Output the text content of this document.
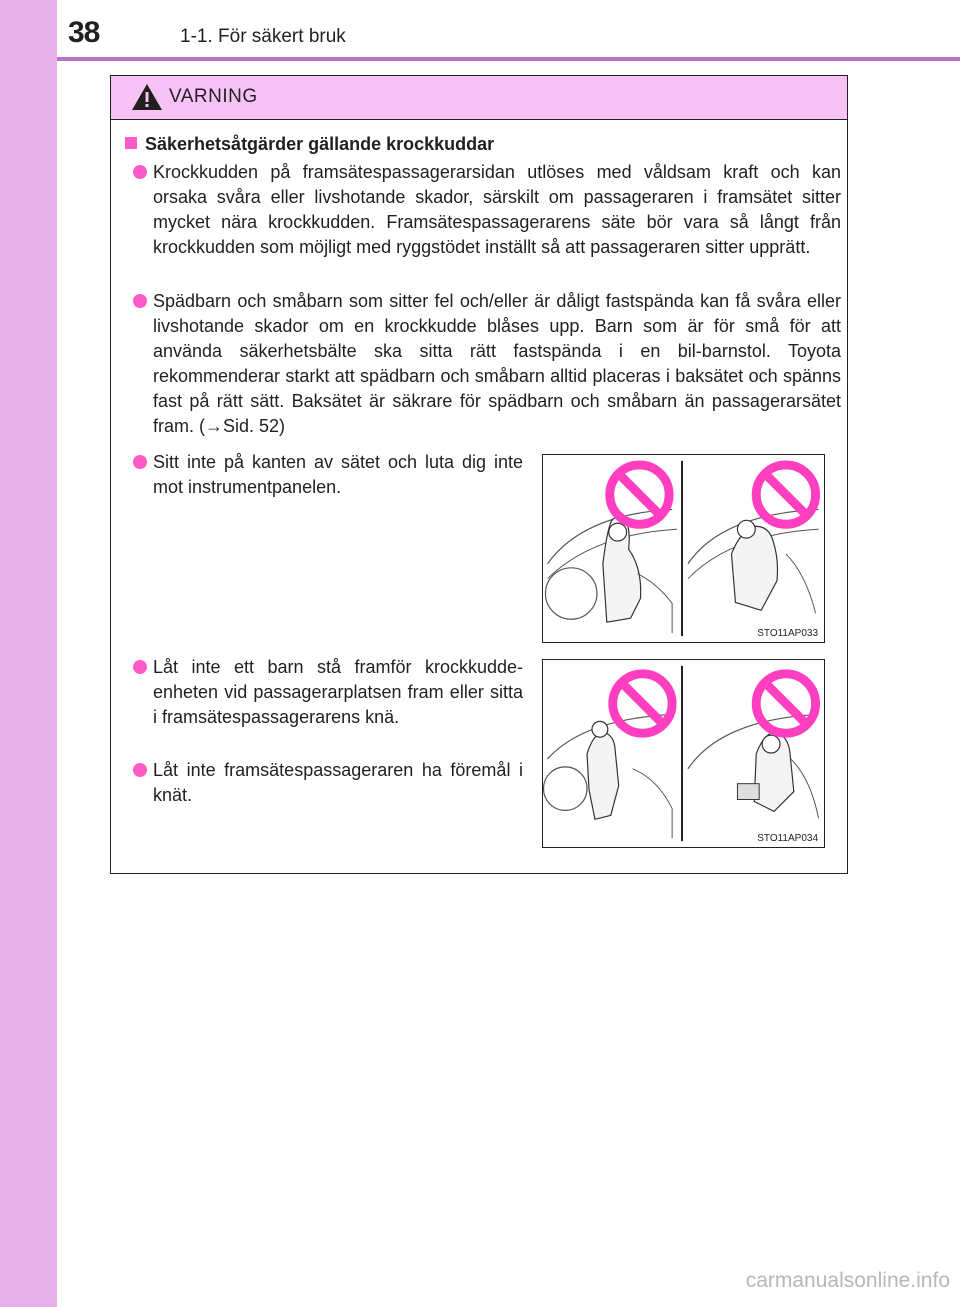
38	1-1. För säkert bruk
VARNING
Säkerhetsåtgärder gällande krockkuddar
Krockkudden på framsätespassagerarsidan utlöses med våldsam kraft och kan orsaka svåra eller livshotande skador, särskilt om passageraren i framsätet sitter mycket nära krockkudden. Framsätespassagerarens säte bör vara så långt från krockkudden som möjligt med ryggstödet inställt så att passageraren sitter upprätt.
Spädbarn och småbarn som sitter fel och/eller är dåligt fastspända kan få svåra eller livshotande skador om en krockkudde blåses upp. Barn som är för små för att använda säkerhetsbälte ska sitta rätt fastspända i en bil-barnstol. Toyota rekommenderar starkt att spädbarn och småbarn alltid placeras i baksätet och spänns fast på rätt sätt. Baksätet är säkrare för spädbarn och småbarn än passagerarsätet fram. (→Sid. 52)
Sitt inte på kanten av sätet och luta dig inte mot instrumentpanelen.
Låt inte ett barn stå framför krockkudde-enheten vid passagerarplatsen fram eller sitta i framsätespassagerarens knä.
Låt inte framsätespassageraren ha föremål i knät.
STO11AP033
STO11AP034
carmanualsonline.info
